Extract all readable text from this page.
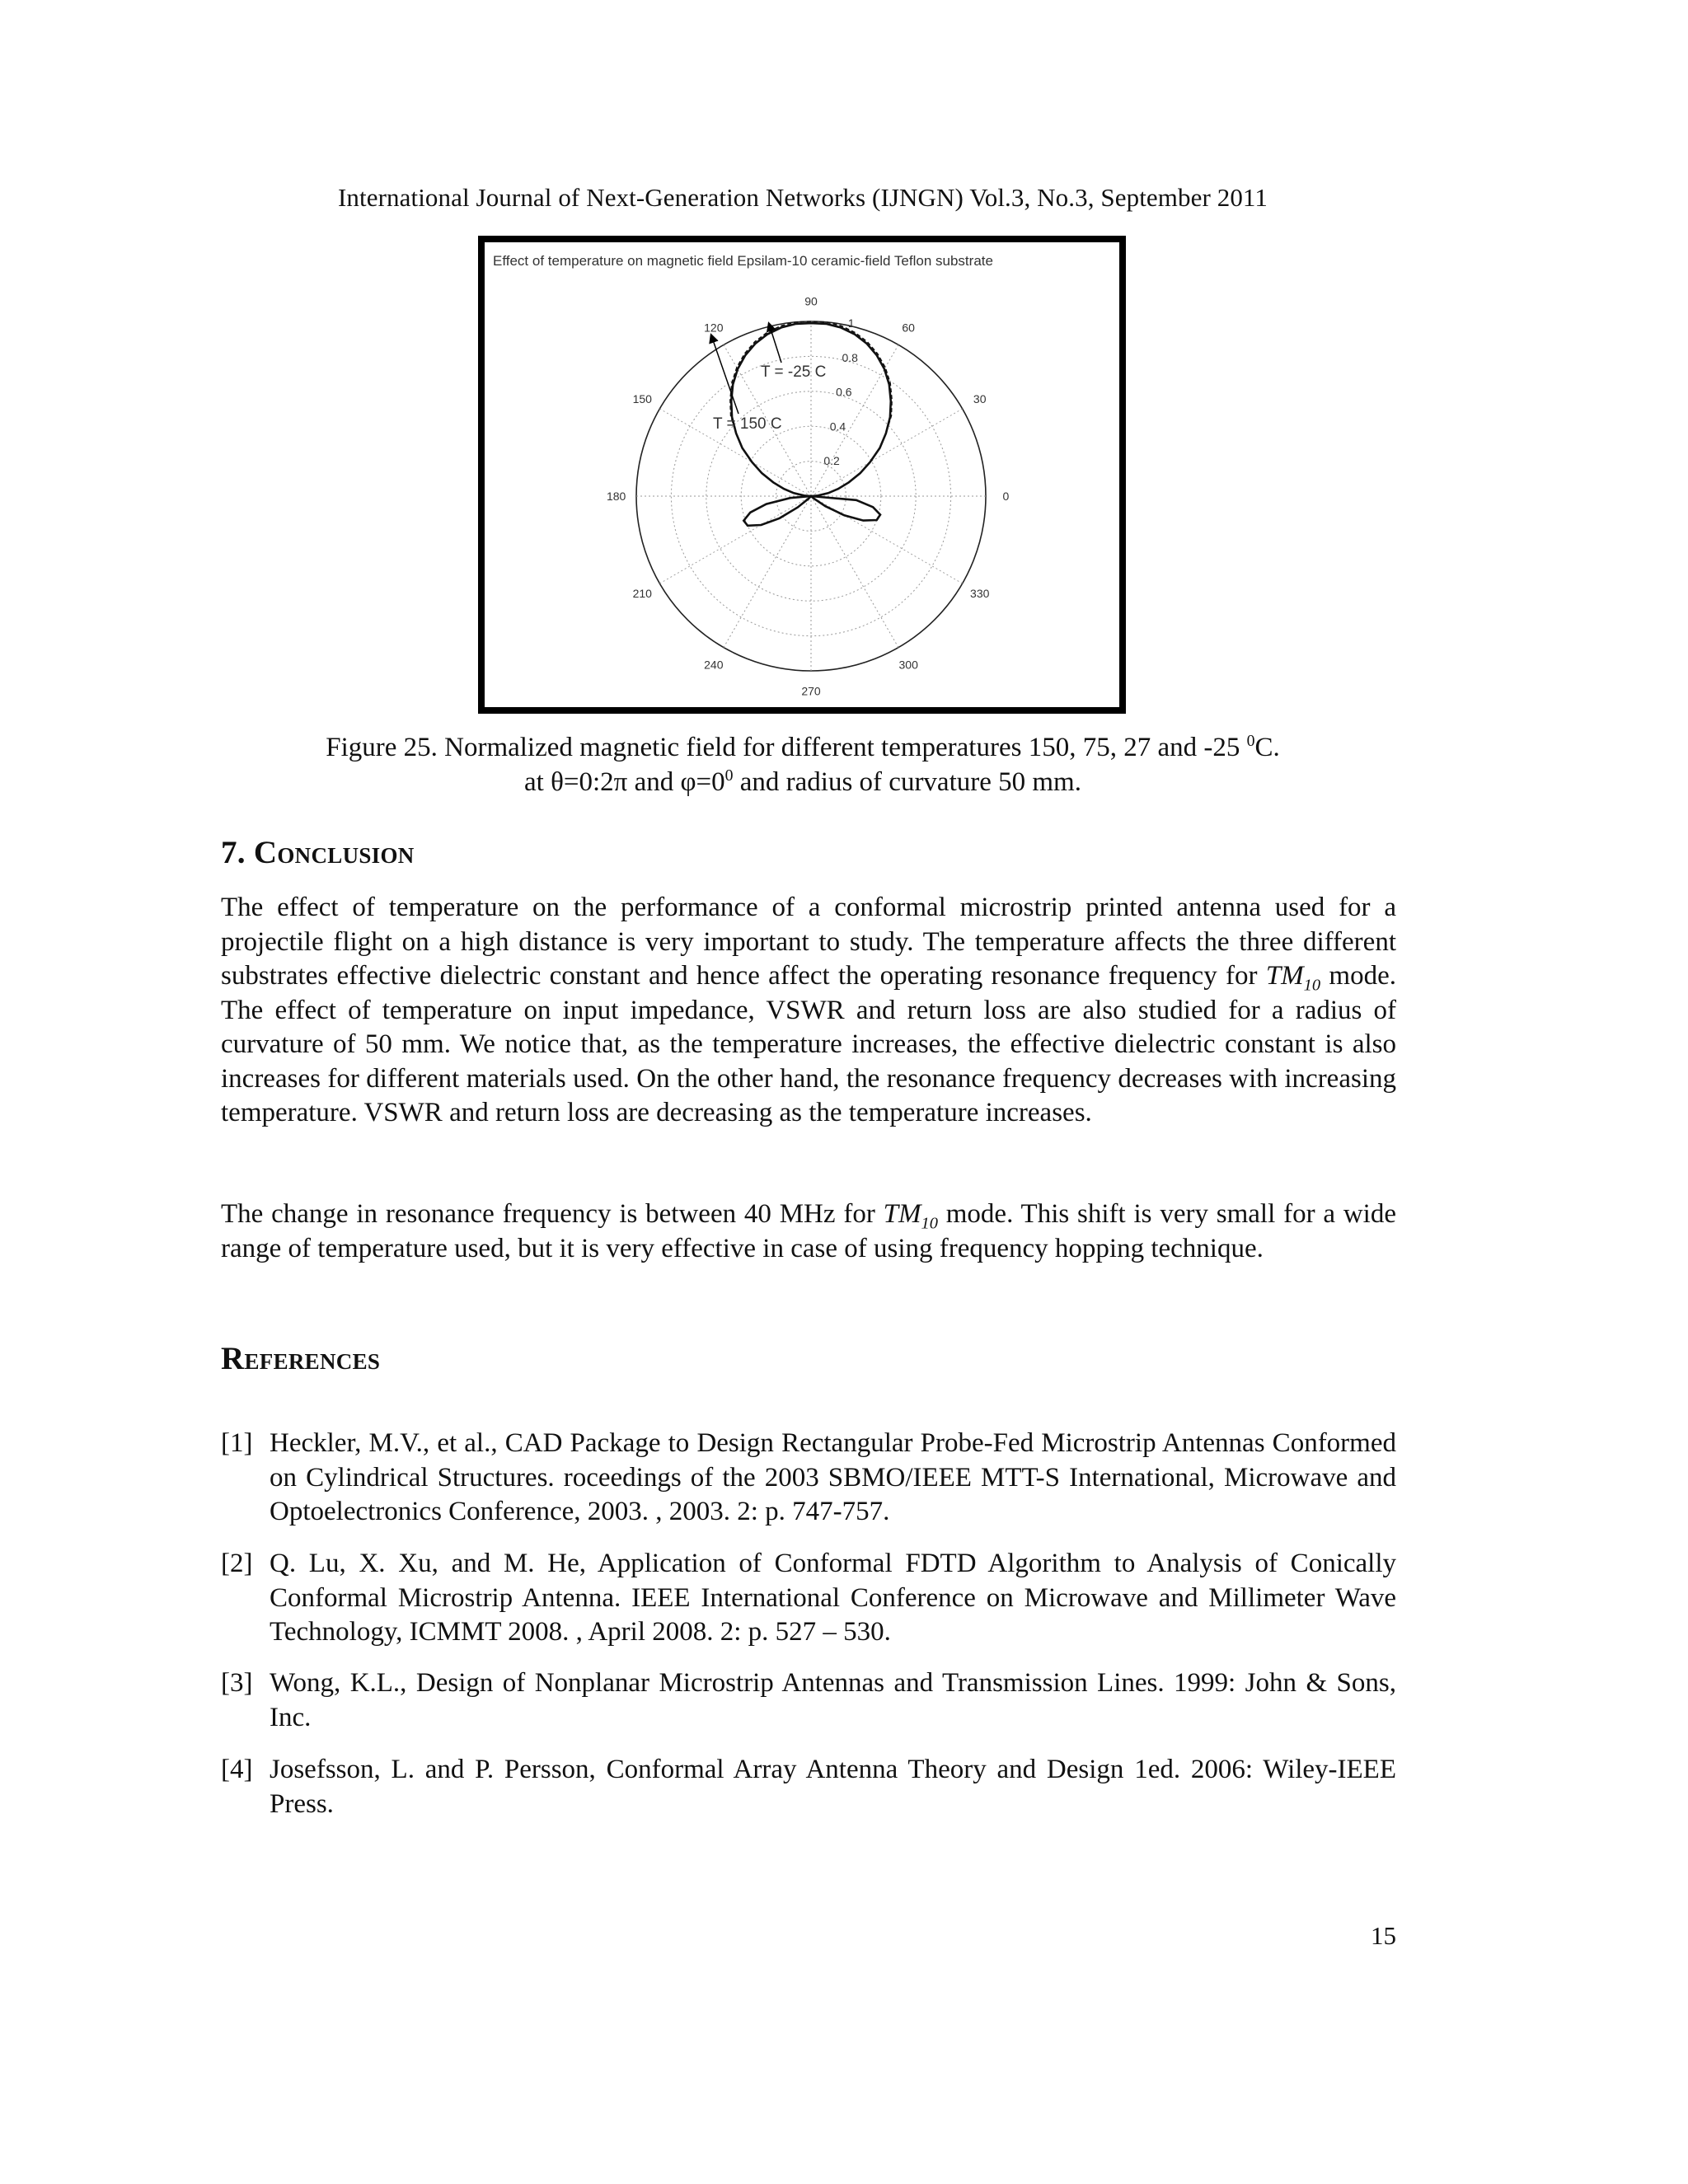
International Journal of Next-Generation Networks (IJNGN) Vol.3, No.3, September 2011
Effect of temperature on magnetic field Epsilam-10 ceramic-field Teflon substrate
0
30
60
90
120
150
180
210
240
270
300
330
0.2
0.4
0.6
0.8
1
T = -25 C
T = 150 C
Figure 25. Normalized magnetic field for different temperatures 150, 75, 27 and -25 $^0$C.
at θ=0:2π and $\varphi=0^0$ and radius of curvature 50 mm.
7. Conclusion
The effect of temperature on the performance of a conformal microstrip printed antenna used for a projectile flight on a high distance is very important to study. The temperature affects the three different substrates effective dielectric constant and hence affect the operating resonance frequency for $TM_{10}$ mode. The effect of temperature on input impedance, VSWR and return loss are also studied for a radius of curvature of 50 mm. We notice that, as the temperature increases, the effective dielectric constant is also increases for different materials used. On the other hand, the resonance frequency decreases with increasing temperature. VSWR and return loss are decreasing as the temperature increases.
The change in resonance frequency is between 40 MHz for $TM_{10}$ mode. This shift is very small for a wide range of temperature used, but it is very effective in case of using frequency hopping technique.
References
[1] Heckler, M.V., et al., CAD Package to Design Rectangular Probe-Fed Microstrip Antennas Conformed on Cylindrical Structures. roceedings of the 2003 SBMO/IEEE MTT-S International, Microwave and Optoelectronics Conference, 2003. , 2003. 2: p. 747-757.
[2] Q. Lu, X. Xu, and M. He, Application of Conformal FDTD Algorithm to Analysis of Conically Conformal Microstrip Antenna. IEEE International Conference on Microwave and Millimeter Wave Technology, ICMMT 2008. , April 2008. 2: p. 527 – 530.
[3] Wong, K.L., Design of Nonplanar Microstrip Antennas and Transmission Lines. 1999: John & Sons, Inc.
[4] Josefsson, L. and P. Persson, Conformal Array Antenna Theory and Design 1ed. 2006: Wiley-IEEE Press.
15
